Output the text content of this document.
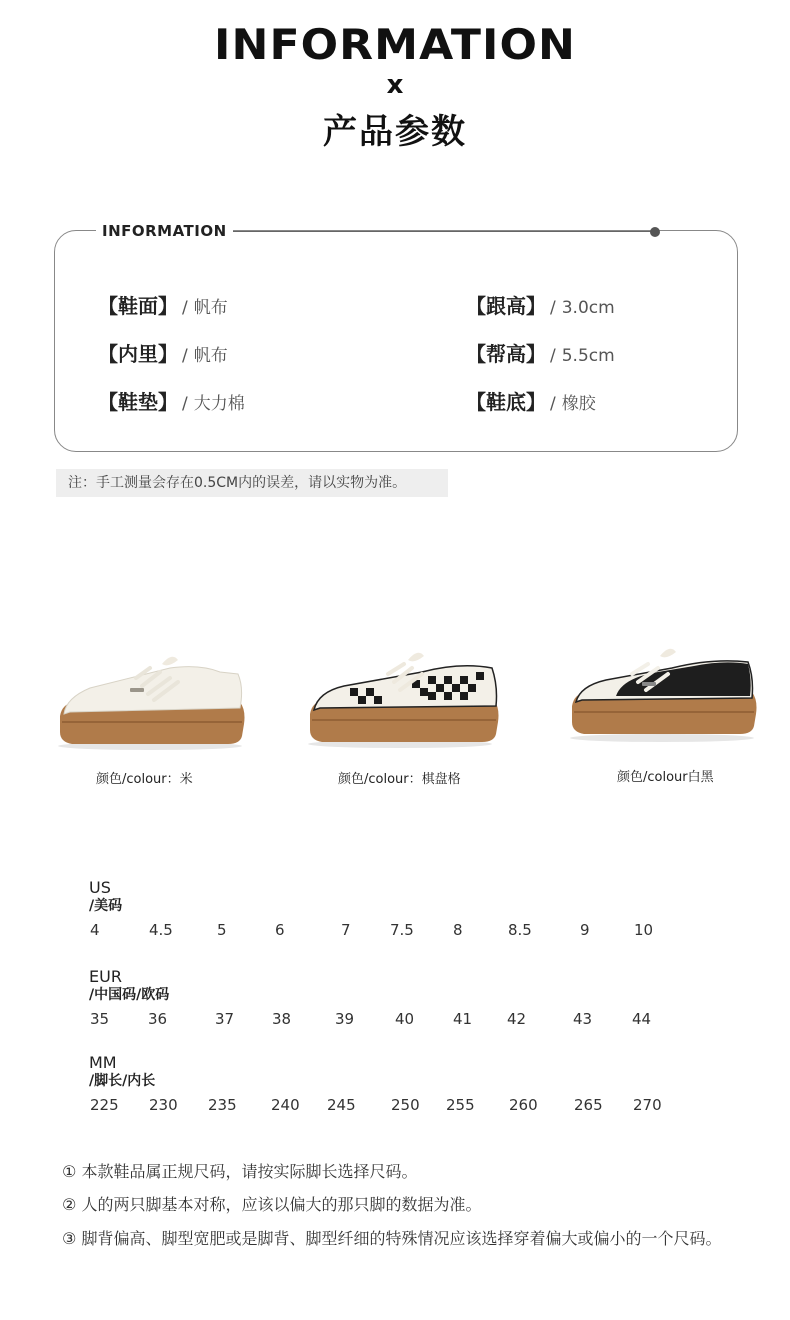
INFORMATION
x
产品参数
INFORMATION
【鞋面】 / 帆布	【跟高】 / 3.0cm
【内里】 / 帆布	【帮高】 / 5.5cm
【鞋垫】 / 大力棉	【鞋底】 / 橡胶
注：手工测量会存在0.5CM内的误差，请以实物为准。
颜色/colour：米	颜色/colour：棋盘格	颜色/colour白黑
US
/美码
4	4.5	5	6	7	7.5	8	8.5	9	10
EUR
/中国码/欧码
35	36	37	38	39	40	41 42	43	44
MM
/脚长/内长
225 230 235 240 245 250 255 260 265 270
① 本款鞋品属正规尺码，请按实际脚长选择尺码。
② 人的两只脚基本对称，应该以偏大的那只脚的数据为准。
③ 脚背偏高、脚型宽肥或是脚背、脚型纤细的特殊情况应该选择穿着偏大或偏小的一个尺码。
